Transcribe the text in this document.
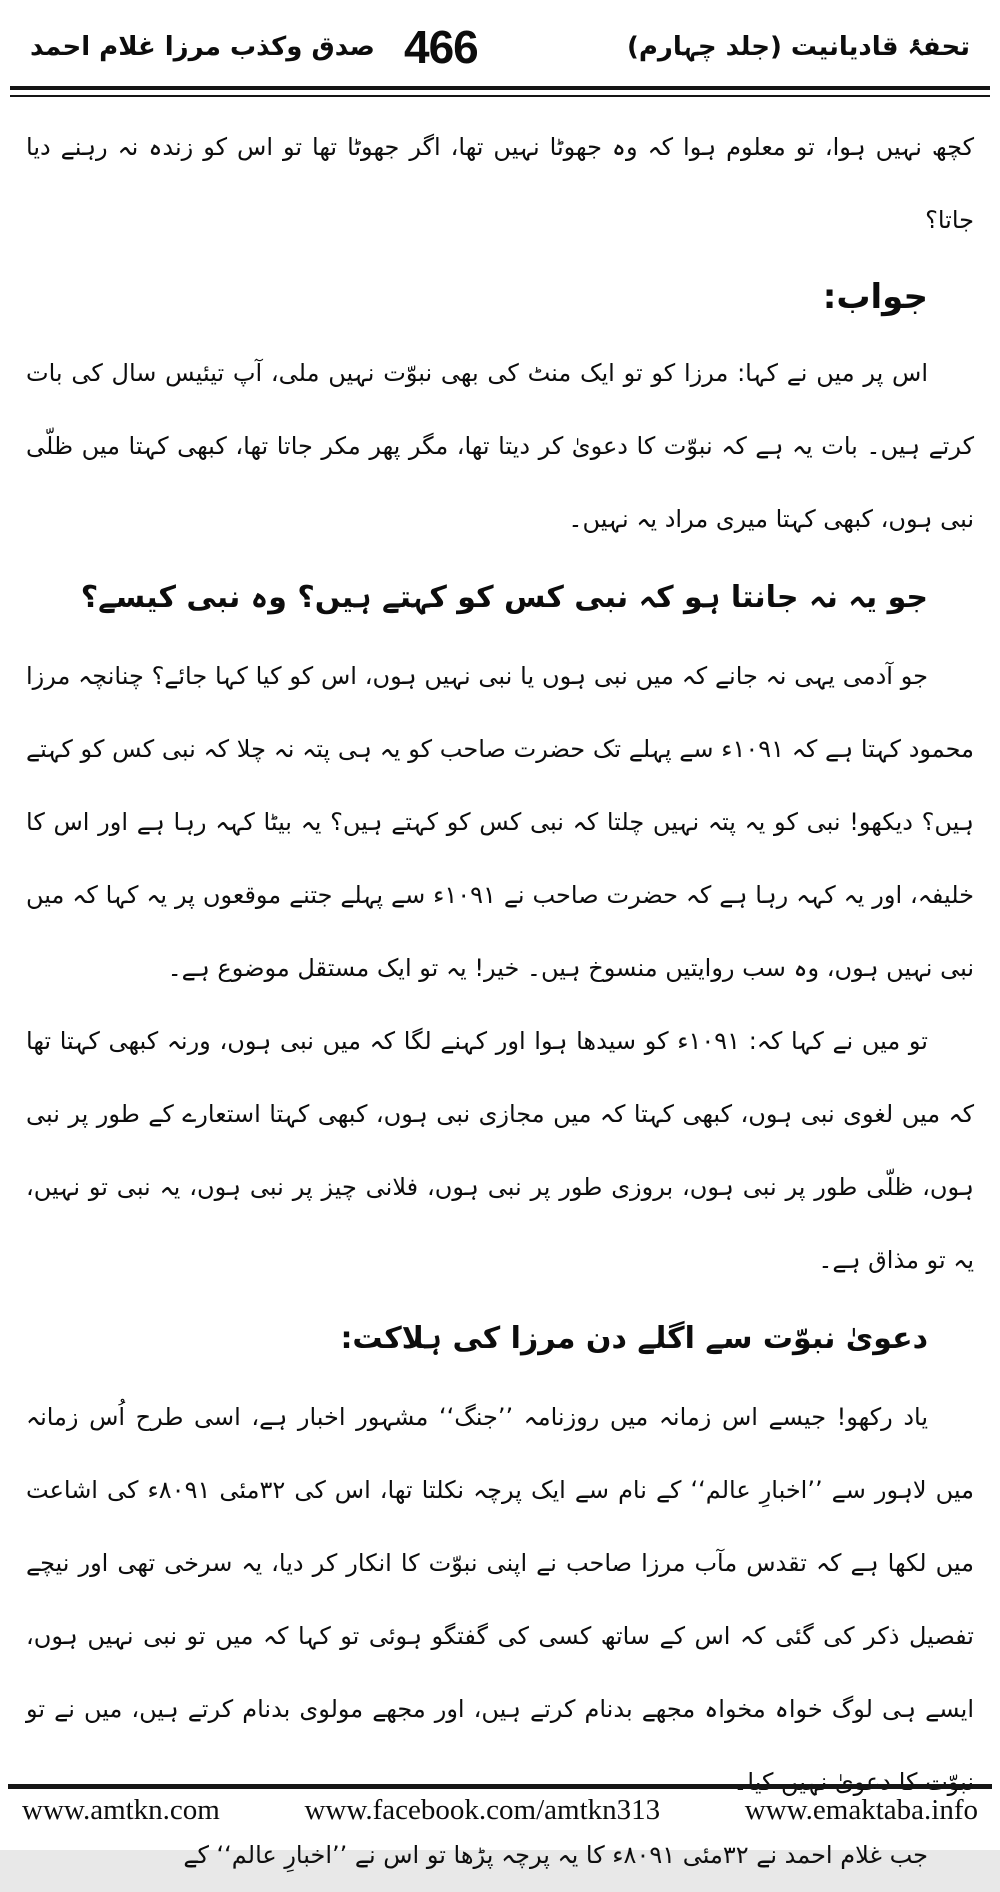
صدق وکذب مرزا غلام احمد 466	تحفۂ قادیانیت (جلد چہارم)

کچھ نہیں ہوا، تو معلوم ہوا کہ وہ جھوٹا نہیں تھا، اگر جھوٹا تھا تو اس کو زندہ نہ رہنے دیا جاتا؟

جواب:

اس پر میں نے کہا: مرزا کو تو ایک منٹ کی بھی نبوّت نہیں ملی، آپ تیئیس سال کی بات کرتے ہیں۔ بات یہ ہے کہ نبوّت کا دعویٰ کر دیتا تھا، مگر پھر مکر جاتا تھا، کبھی کہتا میں ظلّی نبی ہوں، کبھی کہتا میری مراد یہ نہیں۔

جو یہ نہ جانتا ہو کہ نبی کس کو کہتے ہیں؟ وہ نبی کیسے؟

جو آدمی یہی نہ جانے کہ میں نبی ہوں یا نبی نہیں ہوں، اس کو کیا کہا جائے؟ چنانچہ مرزا محمود کہتا ہے کہ ۱۰۹۱ء سے پہلے تک حضرت صاحب کو یہ ہی پتہ نہ چلا کہ نبی کس کو کہتے ہیں؟ دیکھو! نبی کو یہ پتہ نہیں چلتا کہ نبی کس کو کہتے ہیں؟ یہ بیٹا کہہ رہا ہے اور اس کا خلیفہ، اور یہ کہہ رہا ہے کہ حضرت صاحب نے ۱۰۹۱ء سے پہلے جتنے موقعوں پر یہ کہا کہ میں نبی نہیں ہوں، وہ سب روایتیں منسوخ ہیں۔ خیر! یہ تو ایک مستقل موضوع ہے۔

تو میں نے کہا کہ: ۱۰۹۱ء کو سیدھا ہوا اور کہنے لگا کہ میں نبی ہوں، ورنہ کبھی کہتا تھا کہ میں لغوی نبی ہوں، کبھی کہتا کہ میں مجازی نبی ہوں، کبھی کہتا استعارے کے طور پر نبی ہوں، ظلّی طور پر نبی ہوں، بروزی طور پر نبی ہوں، فلانی چیز پر نبی ہوں، یہ نبی تو نہیں، یہ تو مذاق ہے۔

دعویٰ نبوّت سے اگلے دن مرزا کی ہلاکت:

یاد رکھو! جیسے اس زمانہ میں روزنامہ ’’جنگ‘‘ مشہور اخبار ہے، اسی طرح اُس زمانہ میں لاہور سے ’’اخبارِ عالم‘‘ کے نام سے ایک پرچہ نکلتا تھا، اس کی ۳۲مئی ۸۰۹۱ء کی اشاعت میں لکھا ہے کہ تقدس مآب مرزا صاحب نے اپنی نبوّت کا انکار کر دیا، یہ سرخی تھی اور نیچے تفصیل ذکر کی گئی کہ اس کے ساتھ کسی کی گفتگو ہوئی تو کہا کہ میں تو نبی نہیں ہوں، ایسے ہی لوگ خواہ مخواہ مجھے بدنام کرتے ہیں، اور مجھے مولوی بدنام کرتے ہیں، میں نے تو نبوّت کا دعویٰ نہیں کیا۔

جب غلام احمد نے ۳۲مئی ۸۰۹۱ء کا یہ پرچہ پڑھا تو اس نے ’’اخبارِ عالم‘‘ کے

www.amtkn.com	www.facebook.com/amtkn313	www.emaktaba.info
